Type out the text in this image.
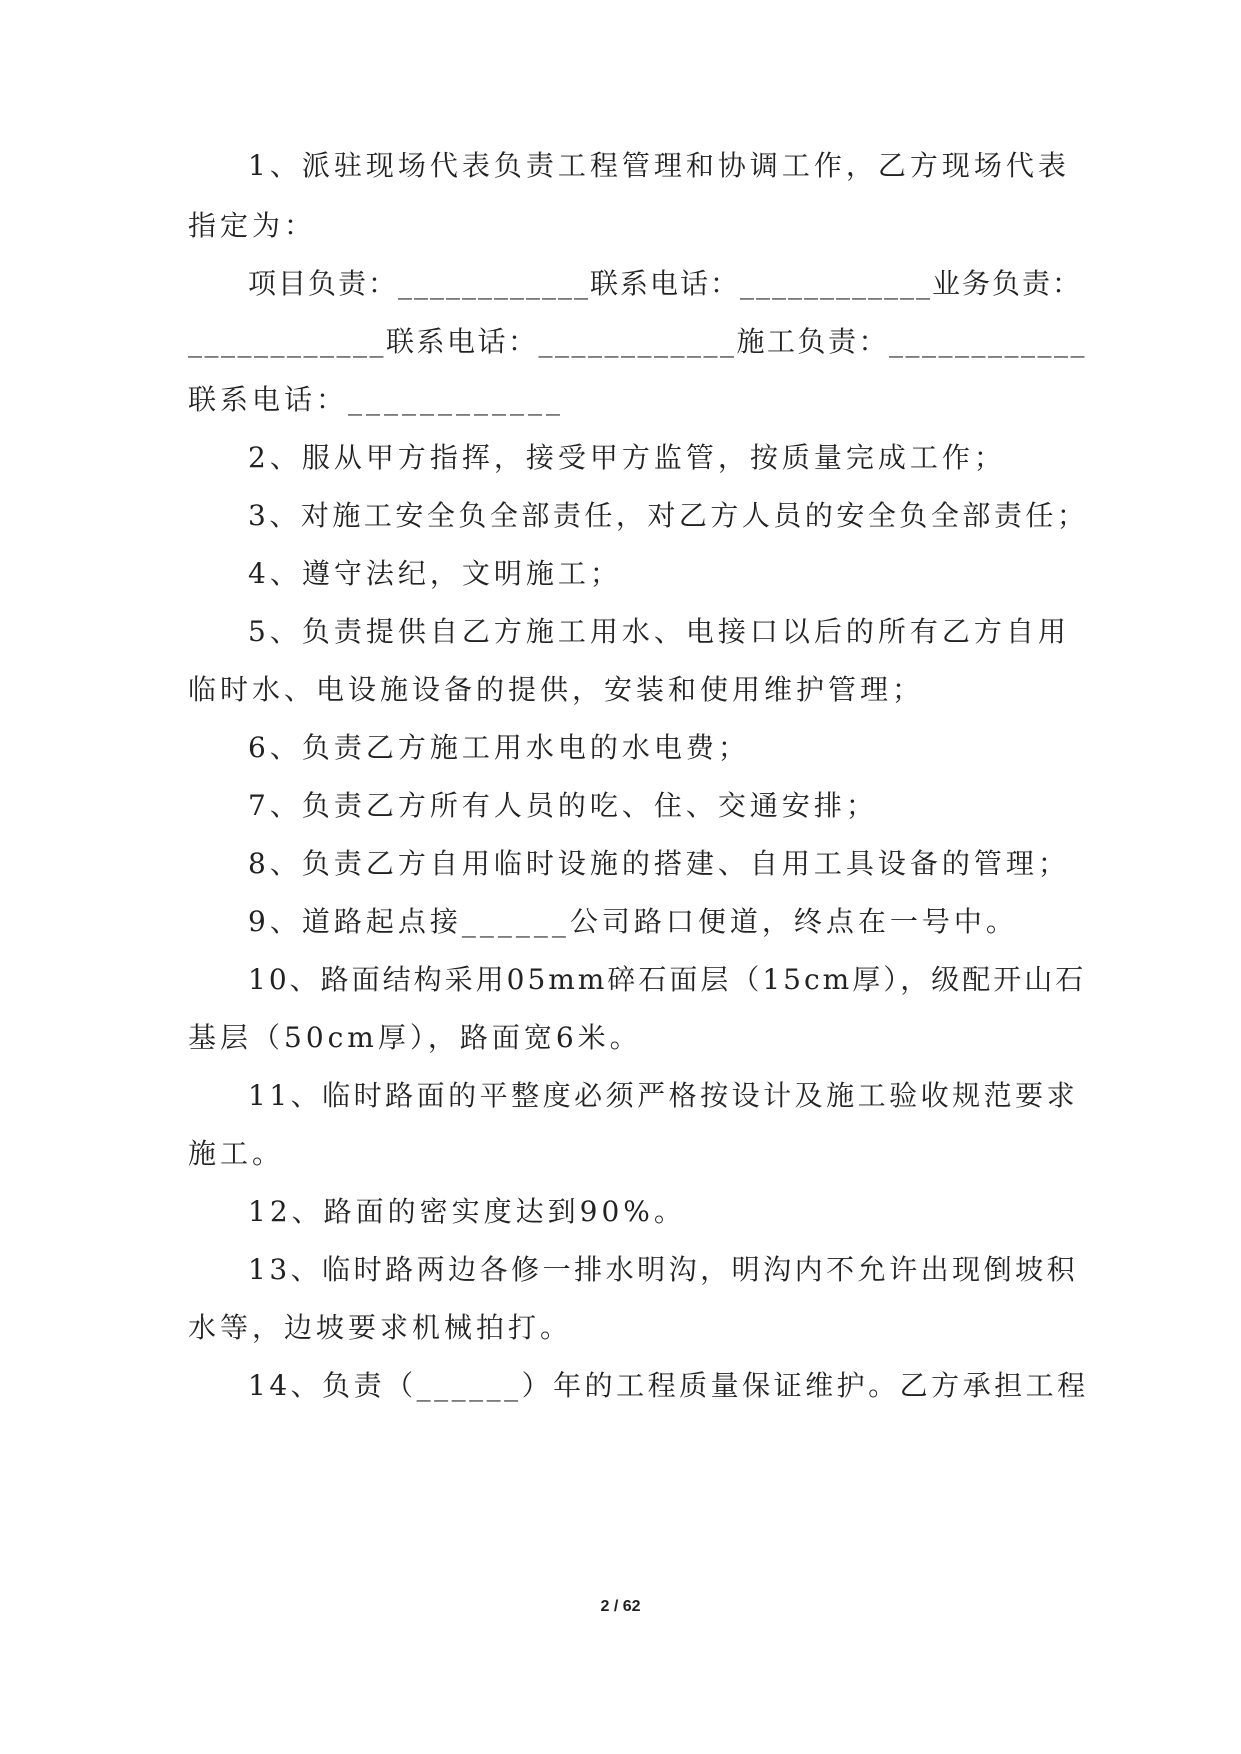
1、派驻现场代表负责工程管理和协调工作，乙方现场代表
指定为：
项目负责：____________联系电话：____________业务负责：
____________联系电话：____________施工负责：____________
联系电话：____________
2、服从甲方指挥，接受甲方监管，按质量完成工作；
3、对施工安全负全部责任，对乙方人员的安全负全部责任；
4、遵守法纪，文明施工；
5、负责提供自乙方施工用水、电接口以后的所有乙方自用
临时水、电设施设备的提供，安装和使用维护管理；
6、负责乙方施工用水电的水电费；
7、负责乙方所有人员的吃、住、交通安排；
8、负责乙方自用临时设施的搭建、自用工具设备的管理；
9、道路起点接______公司路口便道，终点在一号中。
10、路面结构采用05mm碎石面层（15cm厚），级配开山石
基层（50cm厚），路面宽6米。
11、临时路面的平整度必须严格按设计及施工验收规范要求
施工。
12、路面的密实度达到90%。
13、临时路两边各修一排水明沟，明沟内不允许出现倒坡积
水等，边坡要求机械拍打。
14、负责（______）年的工程质量保证维护。乙方承担工程
2 / 62
